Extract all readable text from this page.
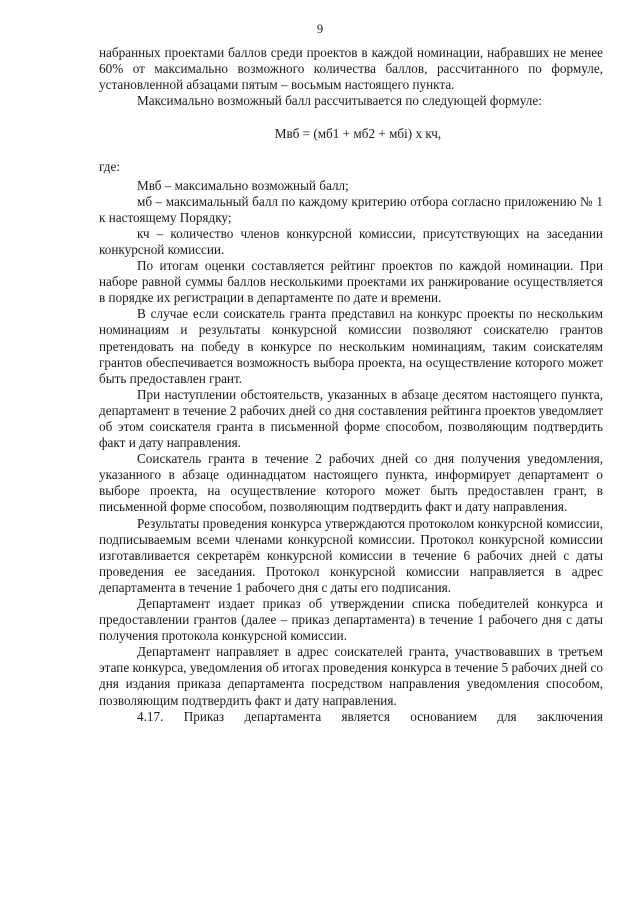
9

набранных проектами баллов среди проектов в каждой номинации, набравших не менее 60% от максимально возможного количества баллов, рассчитанного по формуле, установленной абзацами пятым – восьмым настоящего пункта.

Максимально возможный балл рассчитывается по следующей формуле:

Мвб = (мб1 + мб2 + мбi) x кч,

где:

Мвб – максимально возможный балл;

мб – максимальный балл по каждому критерию отбора согласно приложению № 1 к настоящему Порядку;

кч – количество членов конкурсной комиссии, присутствующих на заседании конкурсной комиссии.

По итогам оценки составляется рейтинг проектов по каждой номинации. При наборе равной суммы баллов несколькими проектами их ранжирование осуществляется в порядке их регистрации в департаменте по дате и времени.

В случае если соискатель гранта представил на конкурс проекты по нескольким номинациям и результаты конкурсной комиссии позволяют соискателю грантов претендовать на победу в конкурсе по нескольким номинациям, таким соискателям грантов обеспечивается возможность выбора проекта, на осуществление которого может быть предоставлен грант.

При наступлении обстоятельств, указанных в абзаце десятом настоящего пункта, департамент в течение 2 рабочих дней со дня составления рейтинга проектов уведомляет об этом соискателя гранта в письменной форме способом, позволяющим подтвердить факт и дату направления.

Соискатель гранта в течение 2 рабочих дней со дня получения уведомления, указанного в абзаце одиннадцатом настоящего пункта, информирует департамент о выборе проекта, на осуществление которого может быть предоставлен грант, в письменной форме способом, позволяющим подтвердить факт и дату направления.

Результаты проведения конкурса утверждаются протоколом конкурсной комиссии, подписываемым всеми членами конкурсной комиссии. Протокол конкурсной комиссии изготавливается секретарём конкурсной комиссии в течение 6 рабочих дней с даты проведения ее заседания. Протокол конкурсной комиссии направляется в адрес департамента в течение 1 рабочего дня с даты его подписания.

Департамент издает приказ об утверждении списка победителей конкурса и предоставлении грантов (далее – приказ департамента) в течение 1 рабочего дня с даты получения протокола конкурсной комиссии.

Департамент направляет в адрес соискателей гранта, участвовавших в третьем этапе конкурса, уведомления об итогах проведения конкурса в течение 5 рабочих дней со дня издания приказа департамента посредством направления уведомления способом, позволяющим подтвердить факт и дату направления.

4.17. Приказ департамента является основанием для заключения
